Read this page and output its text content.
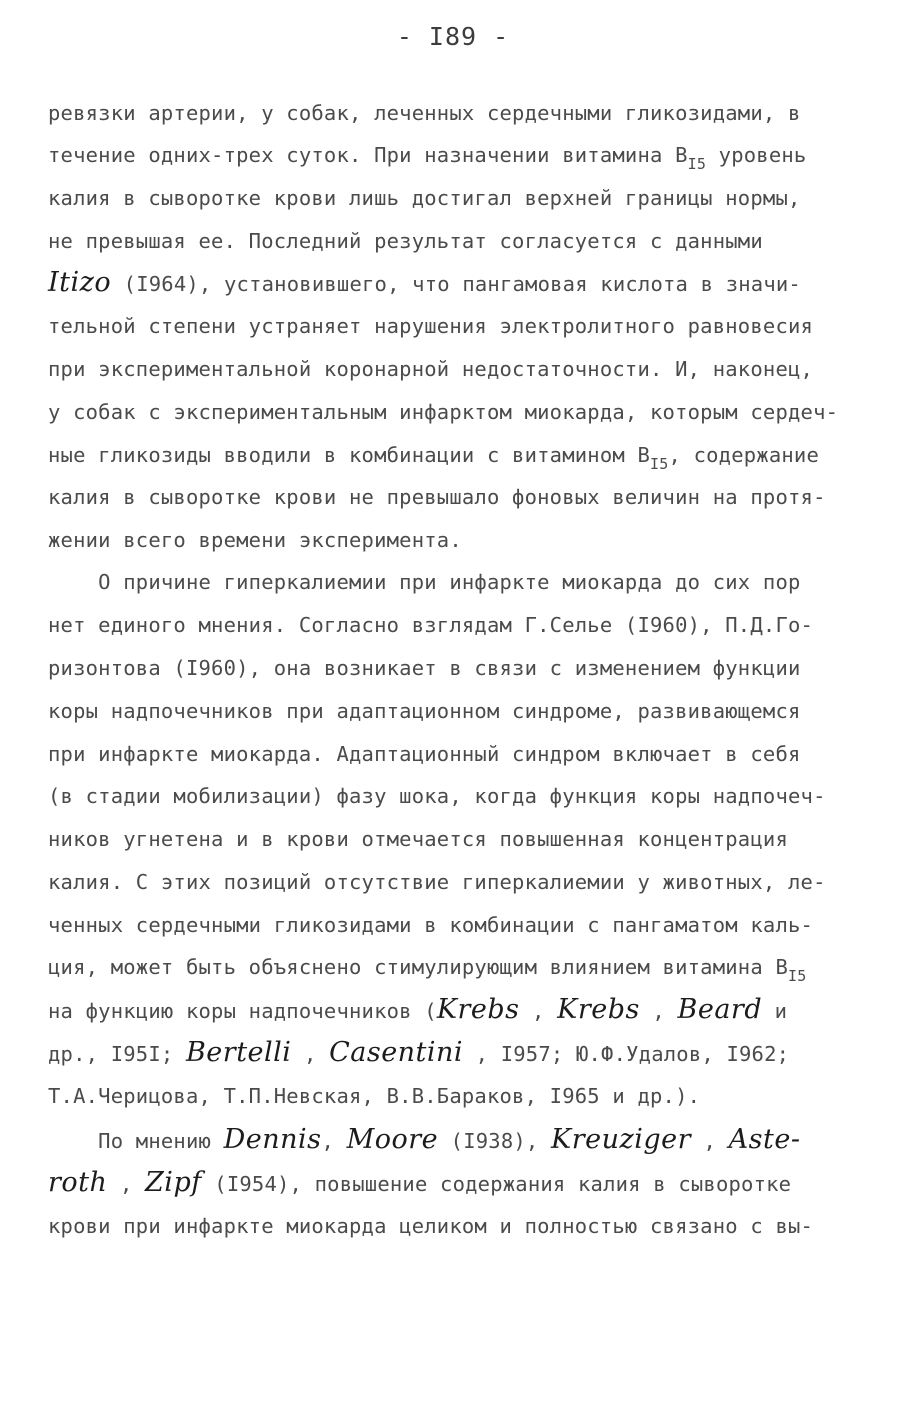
- I89 -
ревязки артерии, у собак, леченных сердечными гликозидами, в
течение одних-трех суток. При назначении витамина $B_{I5}$ уровень
калия в сыворотке крови лишь достигал верхней границы нормы,
не превышая ее. Последний результат согласуется с данными
Itizo (I964), установившего, что пангамовая кислота в значи-
тельной степени устраняет нарушения электролитного равновесия
при экспериментальной коронарной недостаточности. И, наконец,
у собак с экспериментальным инфарктом миокарда, которым сердеч-
ные гликозиды вводили в комбинации с витамином $B_{I5}$, содержание
калия в сыворотке крови не превышало фоновых величин на протя-
жении всего времени эксперимента.
О причине гиперкалиемии при инфаркте миокарда до сих пор
нет единого мнения. Согласно взглядам Г.Селье (I960), П.Д.Го-
ризонтова (I960), она возникает в связи с изменением функции
коры надпочечников при адаптационном синдроме, развивающемся
при инфаркте миокарда. Адаптационный синдром включает в себя
(в стадии мобилизации) фазу шока, когда функция коры надпочеч-
ников угнетена и в крови отмечается повышенная концентрация
калия. С этих позиций отсутствие гиперкалиемии у животных, ле-
ченных сердечными гликозидами в комбинации с пангаматом каль-
ция, может быть объяснено стимулирующим влиянием витамина $B_{I5}$
на функцию коры надпочечников (Krebs , Krebs , Beard и
др., I95I; Bertelli , Casentini , I957; Ю.Ф.Удалов, I962;
Т.А.Черицова, Т.П.Невская, В.В.Бараков, I965 и др.).
По мнению Dennis, Moore (I938), Kreuziger , Aste-
roth , Zipf (I954), повышение содержания калия в сыворотке
крови при инфаркте миокарда целиком и полностью связано с вы-
